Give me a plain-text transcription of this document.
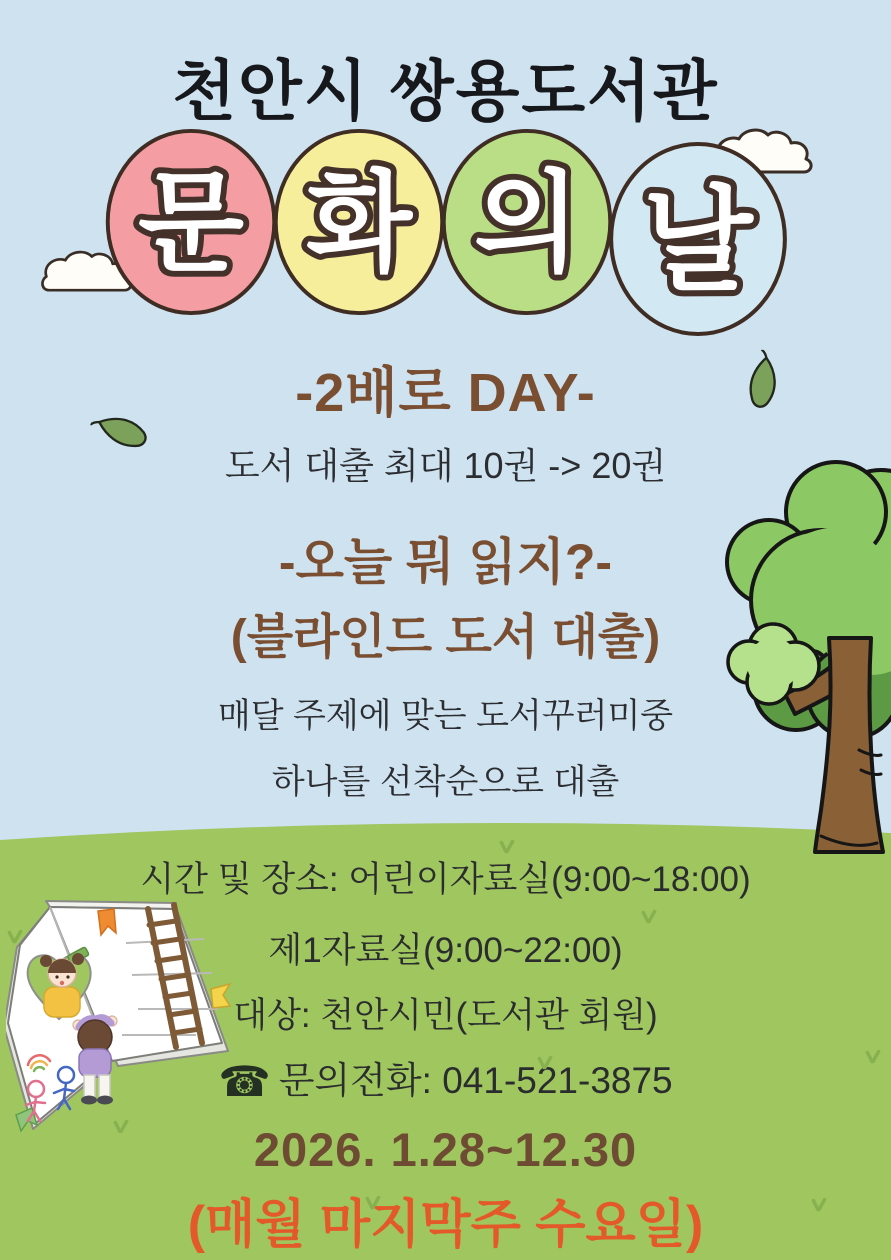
천안시 쌍용도서관
문 화 의 날
-2배로 DAY-
도서 대출 최대 10권 -> 20권
-오늘 뭐 읽지?-
(블라인드 도서 대출)
매달 주제에 맞는 도서꾸러미중
하나를 선착순으로 대출
시간 및 장소: 어린이자료실(9:00~18:00)
제1자료실(9:00~22:00)
대상: 천안시민(도서관 회원)
☎ 문의전화: 041-521-3875
2026. 1.28~12.30
(매월 마지막주 수요일)
